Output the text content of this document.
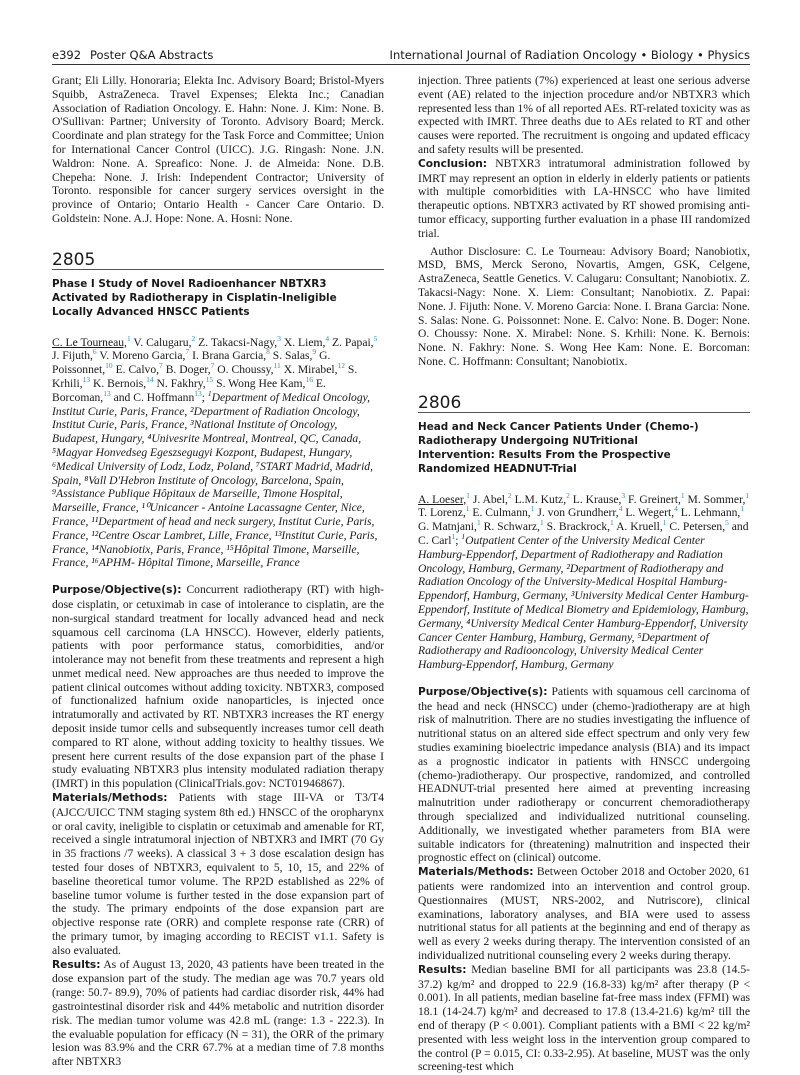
e392 Poster Q&A Abstracts	International Journal of Radiation Oncology • Biology • Physics

Grant; Eli Lilly. Honoraria; Elekta Inc. Advisory Board; Bristol-Myers Squibb, AstraZeneca. Travel Expenses; Elekta Inc.; Canadian Association of Radiation Oncology. E. Hahn: None. J. Kim: None. B. O'Sullivan: Partner; University of Toronto. Advisory Board; Merck. Coordinate and plan strategy for the Task Force and Committee; Union for International Cancer Control (UICC). J.G. Ringash: None. J.N. Waldron: None. A. Spreafico: None. J. de Almeida: None. D.B. Chepeha: None. J. Irish: Independent Contractor; University of Toronto. responsible for cancer surgery services oversight in the province of Ontario; Ontario Health - Cancer Care Ontario. D. Goldstein: None. A.J. Hope: None. A. Hosni: None.

2805
Phase I Study of Novel Radioenhancer NBTXR3 Activated by Radiotherapy in Cisplatin-Ineligible Locally Advanced HNSCC Patients

C. Le Tourneau,$^1$ V. Calugaru,$^2$ Z. Takacsi-Nagy,$^3$ X. Liem,$^4$ Z. Papai,$^5$ J. Fijuth,$^6$ V. Moreno Garcia,$^7$ I. Brana Garcia,$^8$ S. Salas,$^9$ G. Poissonnet,$^{10}$ E. Calvo,$^7$ B. Doger,$^7$ O. Choussy,$^{11}$ X. Mirabel,$^{12}$ S. Krhili,$^{13}$ K. Bernois,$^{14}$ N. Fakhry,$^{15}$ S. Wong Hee Kam,$^{16}$ E. Borcoman,$^{13}$ and C. Hoffmann$^{13}$; $^1$Department of Medical Oncology, Institut Curie, Paris, France, ²Department of Radiation Oncology, Institut Curie, Paris, France, ³National Institute of Oncology, Budapest, Hungary, ⁴Univesrite Montreal, Montreal, QC, Canada, ⁵Magyar Honvedseg Egeszsegugyi Kozpont, Budapest, Hungary, ⁶Medical University of Lodz, Lodz, Poland, ⁷START Madrid, Madrid, Spain, ⁸Vall D'Hebron Institute of Oncology, Barcelona, Spain, ⁹Assistance Publique Hôpitaux de Marseille, Timone Hospital, Marseille, France, ¹⁰Unicancer - Antoine Lacassagne Center, Nice, France, ¹¹Department of head and neck surgery, Institut Curie, Paris, France, ¹²Centre Oscar Lambret, Lille, France, ¹³Institut Curie, Paris, France, ¹⁴Nanobiotix, Paris, France, ¹⁵Hôpital Timone, Marseille, France, ¹⁶APHM- Hôpital Timone, Marseille, France

Purpose/Objective(s): Concurrent radiotherapy (RT) with high-dose cisplatin, or cetuximab in case of intolerance to cisplatin, are the non-surgical standard treatment for locally advanced head and neck squamous cell carcinoma (LA HNSCC). However, elderly patients, patients with poor performance status, comorbidities, and/or intolerance may not benefit from these treatments and represent a high unmet medical need. New approaches are thus needed to improve the patient clinical outcomes without adding toxicity. NBTXR3, composed of functionalized hafnium oxide nanoparticles, is injected once intratumorally and activated by RT. NBTXR3 increases the RT energy deposit inside tumor cells and subsequently increases tumor cell death compared to RT alone, without adding toxicity to healthy tissues. We present here current results of the dose expansion part of the phase I study evaluating NBTXR3 plus intensity modulated radiation therapy (IMRT) in this population (ClinicalTrials.gov: NCT01946867).

Materials/Methods: Patients with stage III-VA or T3/T4 (AJCC/UICC TNM staging system 8th ed.) HNSCC of the oropharynx or oral cavity, ineligible to cisplatin or cetuximab and amenable for RT, received a single intratumoral injection of NBTXR3 and IMRT (70 Gy in 35 fractions /7 weeks). A classical 3 + 3 dose escalation design has tested four doses of NBTXR3, equivalent to 5, 10, 15, and 22% of baseline theoretical tumor volume. The RP2D established as 22% of baseline tumor volume is further tested in the dose expansion part of the study. The primary endpoints of the dose expansion part are objective response rate (ORR) and complete response rate (CRR) of the primary tumor, by imaging according to RECIST v1.1. Safety is also evaluated.

Results: As of August 13, 2020, 43 patients have been treated in the dose expansion part of the study. The median age was 70.7 years old (range: 50.7- 89.9), 70% of patients had cardiac disorder risk, 44% had gastrointestinal disorder risk and 44% metabolic and nutrition disorder risk. The median tumor volume was 42.8 mL (range: 1.3 - 222.3). In the evaluable population for efficacy (N = 31), the ORR of the primary lesion was 83.9% and the CRR 67.7% at a median time of 7.8 months after NBTXR3

injection. Three patients (7%) experienced at least one serious adverse event (AE) related to the injection procedure and/or NBTXR3 which represented less than 1% of all reported AEs. RT-related toxicity was as expected with IMRT. Three deaths due to AEs related to RT and other causes were reported. The recruitment is ongoing and updated efficacy and safety results will be presented.

Conclusion: NBTXR3 intratumoral administration followed by IMRT may represent an option in elderly in elderly patients or patients with multiple comorbidities with LA-HNSCC who have limited therapeutic options. NBTXR3 activated by RT showed promising anti-tumor efficacy, supporting further evaluation in a phase III randomized trial.

Author Disclosure: C. Le Tourneau: Advisory Board; Nanobiotix, MSD, BMS, Merck Serono, Novartis, Amgen, GSK, Celgene, AstraZeneca, Seattle Genetics. V. Calugaru: Consultant; Nanobiotix. Z. Takacsi-Nagy: None. X. Liem: Consultant; Nanobiotix. Z. Papai: None. J. Fijuth: None. V. Moreno Garcia: None. I. Brana Garcia: None. S. Salas: None. G. Poissonnet: None. E. Calvo: None. B. Doger: None. O. Choussy: None. X. Mirabel: None. S. Krhili: None. K. Bernois: None. N. Fakhry: None. S. Wong Hee Kam: None. E. Borcoman: None. C. Hoffmann: Consultant; Nanobiotix.

2806
Head and Neck Cancer Patients Under (Chemo-) Radiotherapy Undergoing NUTritional Intervention: Results From the Prospective Randomized HEADNUT-Trial

A. Loeser,$^1$ J. Abel,$^2$ L.M. Kutz,$^2$ L. Krause,$^3$ F. Greinert,$^1$ M. Sommer,$^1$ T. Lorenz,$^1$ E. Culmann,$^1$ J. von Grundherr,$^4$ L. Wegert,$^4$ L. Lehmann,$^1$ G. Matnjani,$^1$ R. Schwarz,$^1$ S. Brackrock,$^1$ A. Kruell,$^1$ C. Petersen,$^5$ and C. Carl$^1$; $^1$Outpatient Center of the University Medical Center Hamburg-Eppendorf, Department of Radiotherapy and Radiation Oncology, Hamburg, Germany, ²Department of Radiotherapy and Radiation Oncology of the University-Medical Hospital Hamburg-Eppendorf, Hamburg, Germany, ³University Medical Center Hamburg-Eppendorf, Institute of Medical Biometry and Epidemiology, Hamburg, Germany, ⁴University Medical Center Hamburg-Eppendorf, University Cancer Center Hamburg, Hamburg, Germany, ⁵Department of Radiotherapy and Radiooncology, University Medical Center Hamburg-Eppendorf, Hamburg, Germany

Purpose/Objective(s): Patients with squamous cell carcinoma of the head and neck (HNSCC) under (chemo-)radiotherapy are at high risk of malnutrition. There are no studies investigating the influence of nutritional status on an altered side effect spectrum and only very few studies examining bioelectric impedance analysis (BIA) and its impact as a prognostic indicator in patients with HNSCC undergoing (chemo-)radiotherapy. Our prospective, randomized, and controlled HEADNUT-trial presented here aimed at preventing increasing malnutrition under radiotherapy or concurrent chemoradiotherapy through specialized and individualized nutritional counseling. Additionally, we investigated whether parameters from BIA were suitable indicators for (threatening) malnutrition and inspected their prognostic effect on (clinical) outcome.

Materials/Methods: Between October 2018 and October 2020, 61 patients were randomized into an intervention and control group. Questionnaires (MUST, NRS-2002, and Nutriscore), clinical examinations, laboratory analyses, and BIA were used to assess nutritional status for all patients at the beginning and end of therapy as well as every 2 weeks during therapy. The intervention consisted of an individualized nutritional counseling every 2 weeks during therapy.

Results: Median baseline BMI for all participants was 23.8 (14.5-37.2) kg/m² and dropped to 22.9 (16.8-33) kg/m² after therapy (P < 0.001). In all patients, median baseline fat-free mass index (FFMI) was 18.1 (14-24.7) kg/m² and decreased to 17.8 (13.4-21.6) kg/m² till the end of therapy (P < 0.001). Compliant patients with a BMI < 22 kg/m² presented with less weight loss in the intervention group compared to the control (P = 0.015, CI: 0.33-2.95). At baseline, MUST was the only screening-test which
